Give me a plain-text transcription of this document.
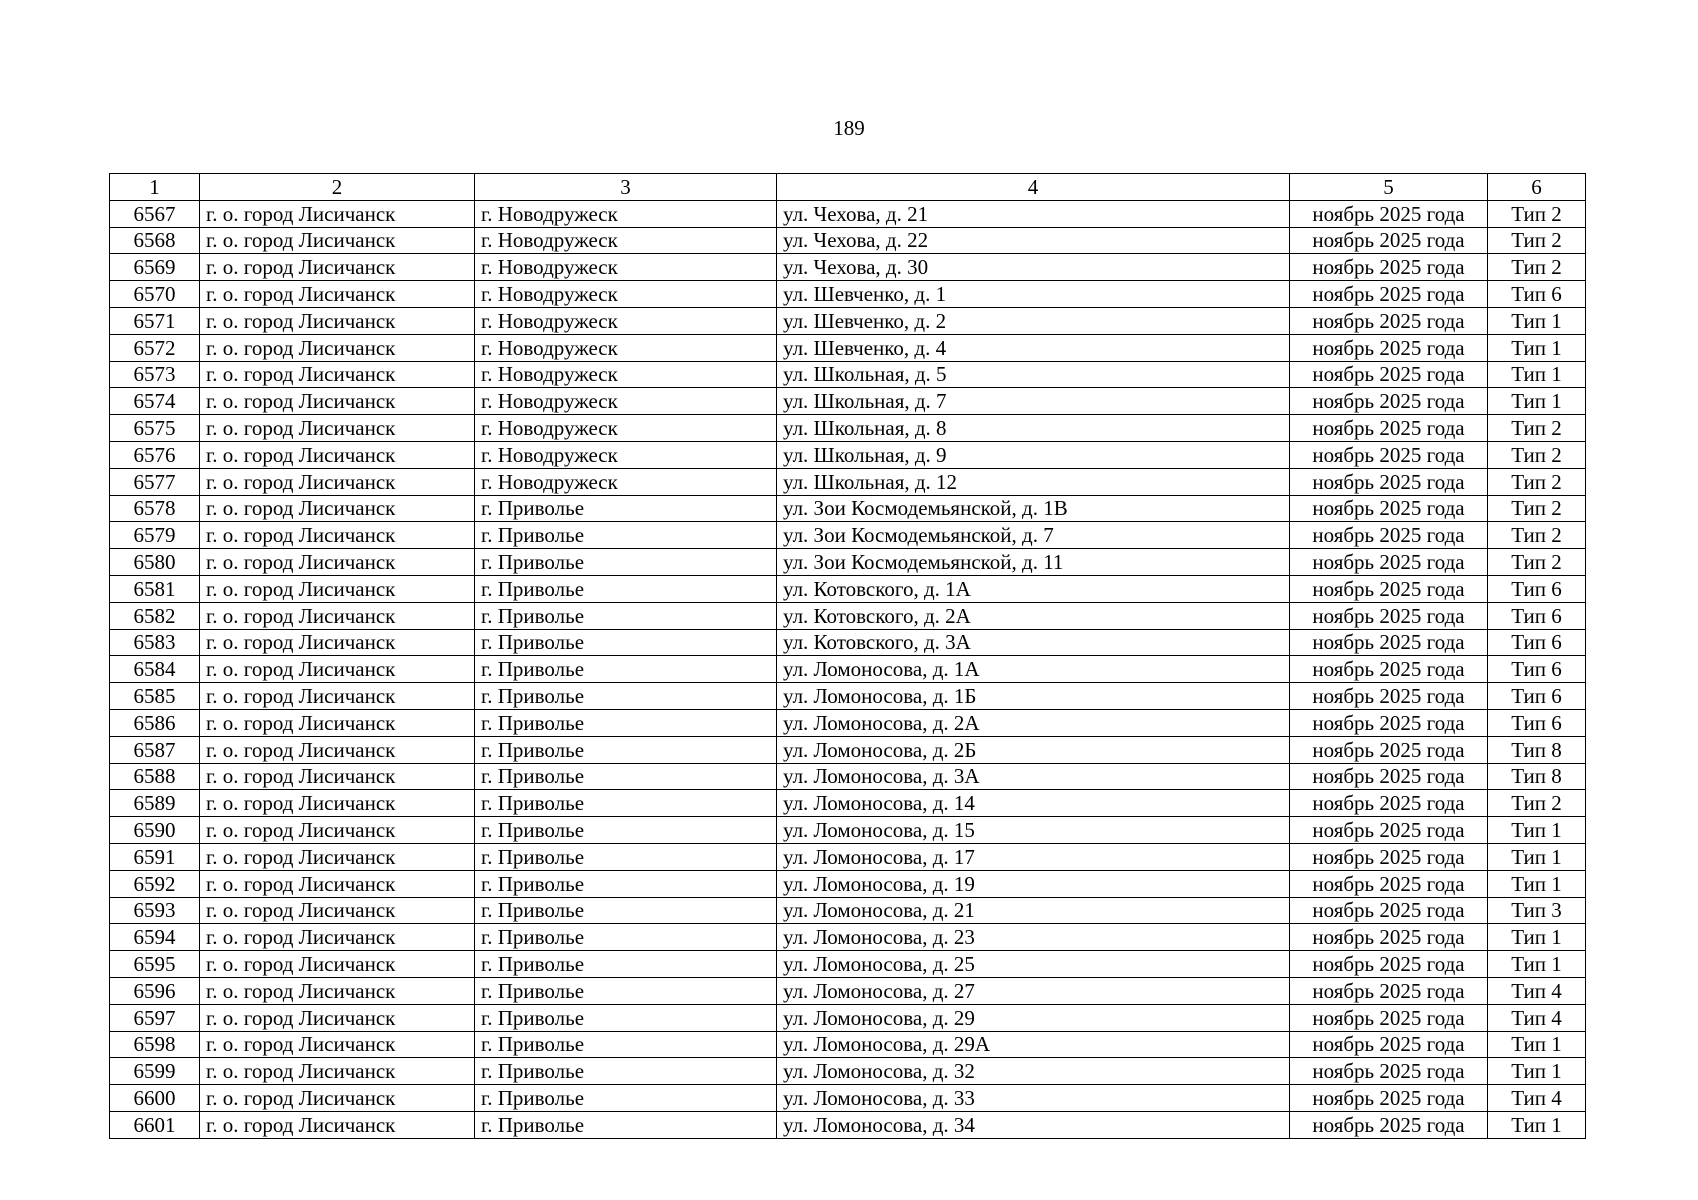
189
1	2	3	4	5	6
6567	г. о. город Лисичанск	г. Новодружеск	ул. Чехова, д. 21	ноябрь 2025 года	Тип 2
6568	г. о. город Лисичанск	г. Новодружеск	ул. Чехова, д. 22	ноябрь 2025 года	Тип 2
6569	г. о. город Лисичанск	г. Новодружеск	ул. Чехова, д. 30	ноябрь 2025 года	Тип 2
6570	г. о. город Лисичанск	г. Новодружеск	ул. Шевченко, д. 1	ноябрь 2025 года	Тип 6
6571	г. о. город Лисичанск	г. Новодружеск	ул. Шевченко, д. 2	ноябрь 2025 года	Тип 1
6572	г. о. город Лисичанск	г. Новодружеск	ул. Шевченко, д. 4	ноябрь 2025 года	Тип 1
6573	г. о. город Лисичанск	г. Новодружеск	ул. Школьная, д. 5	ноябрь 2025 года	Тип 1
6574	г. о. город Лисичанск	г. Новодружеск	ул. Школьная, д. 7	ноябрь 2025 года	Тип 1
6575	г. о. город Лисичанск	г. Новодружеск	ул. Школьная, д. 8	ноябрь 2025 года	Тип 2
6576	г. о. город Лисичанск	г. Новодружеск	ул. Школьная, д. 9	ноябрь 2025 года	Тип 2
6577	г. о. город Лисичанск	г. Новодружеск	ул. Школьная, д. 12	ноябрь 2025 года	Тип 2
6578	г. о. город Лисичанск	г. Приволье	ул. Зои Космодемьянской, д. 1В	ноябрь 2025 года	Тип 2
6579	г. о. город Лисичанск	г. Приволье	ул. Зои Космодемьянской, д. 7	ноябрь 2025 года	Тип 2
6580	г. о. город Лисичанск	г. Приволье	ул. Зои Космодемьянской, д. 11	ноябрь 2025 года	Тип 2
6581	г. о. город Лисичанск	г. Приволье	ул. Котовского, д. 1А	ноябрь 2025 года	Тип 6
6582	г. о. город Лисичанск	г. Приволье	ул. Котовского, д. 2А	ноябрь 2025 года	Тип 6
6583	г. о. город Лисичанск	г. Приволье	ул. Котовского, д. 3А	ноябрь 2025 года	Тип 6
6584	г. о. город Лисичанск	г. Приволье	ул. Ломоносова, д. 1А	ноябрь 2025 года	Тип 6
6585	г. о. город Лисичанск	г. Приволье	ул. Ломоносова, д. 1Б	ноябрь 2025 года	Тип 6
6586	г. о. город Лисичанск	г. Приволье	ул. Ломоносова, д. 2А	ноябрь 2025 года	Тип 6
6587	г. о. город Лисичанск	г. Приволье	ул. Ломоносова, д. 2Б	ноябрь 2025 года	Тип 8
6588	г. о. город Лисичанск	г. Приволье	ул. Ломоносова, д. 3А	ноябрь 2025 года	Тип 8
6589	г. о. город Лисичанск	г. Приволье	ул. Ломоносова, д. 14	ноябрь 2025 года	Тип 2
6590	г. о. город Лисичанск	г. Приволье	ул. Ломоносова, д. 15	ноябрь 2025 года	Тип 1
6591	г. о. город Лисичанск	г. Приволье	ул. Ломоносова, д. 17	ноябрь 2025 года	Тип 1
6592	г. о. город Лисичанск	г. Приволье	ул. Ломоносова, д. 19	ноябрь 2025 года	Тип 1
6593	г. о. город Лисичанск	г. Приволье	ул. Ломоносова, д. 21	ноябрь 2025 года	Тип 3
6594	г. о. город Лисичанск	г. Приволье	ул. Ломоносова, д. 23	ноябрь 2025 года	Тип 1
6595	г. о. город Лисичанск	г. Приволье	ул. Ломоносова, д. 25	ноябрь 2025 года	Тип 1
6596	г. о. город Лисичанск	г. Приволье	ул. Ломоносова, д. 27	ноябрь 2025 года	Тип 4
6597	г. о. город Лисичанск	г. Приволье	ул. Ломоносова, д. 29	ноябрь 2025 года	Тип 4
6598	г. о. город Лисичанск	г. Приволье	ул. Ломоносова, д. 29А	ноябрь 2025 года	Тип 1
6599	г. о. город Лисичанск	г. Приволье	ул. Ломоносова, д. 32	ноябрь 2025 года	Тип 1
6600	г. о. город Лисичанск	г. Приволье	ул. Ломоносова, д. 33	ноябрь 2025 года	Тип 4
6601	г. о. город Лисичанск	г. Приволье	ул. Ломоносова, д. 34	ноябрь 2025 года	Тип 1
